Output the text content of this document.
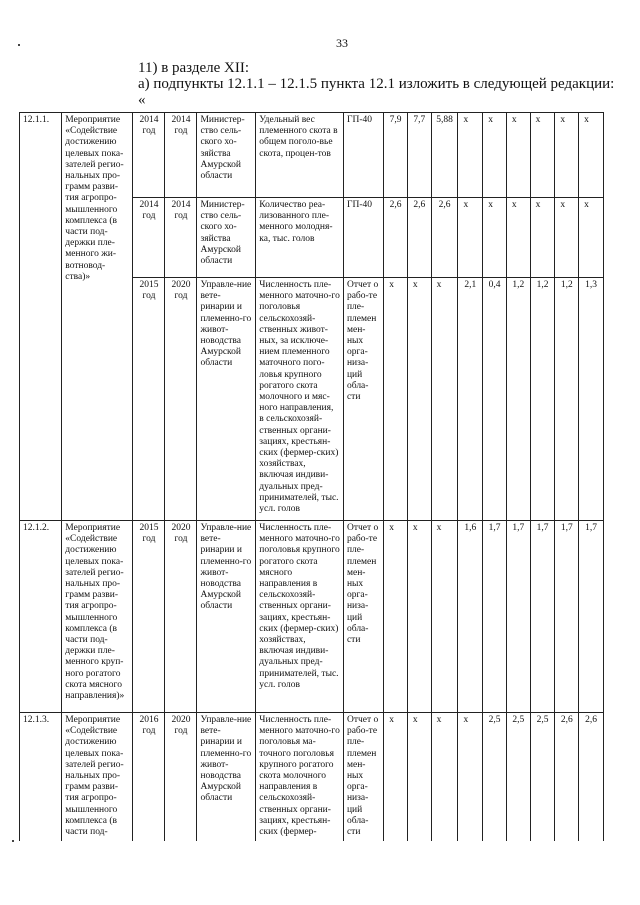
33
11) в разделе XII:
а) подпункты 12.1.1 – 12.1.5 пункта 12.1 изложить в следующей редакции:
«
12.1.1.	Мероприятие «Содействие достижению целевых пока-зателей регио-нальных про-грамм разви-тия агропро-мышленного комплекса (в части под-держки пле-менного жи-вотновод-ства)»	2014 год	2014 год	Министер-ство сель-ского хо-зяйства Амурской области	Удельный вес племенного скота в общем поголо-вье скота, процен-тов	ГП-40	7,9	7,7	5,88	х	х	х	х	х	х
		2014 год	2014 год	Министер-ство сель-ского хо-зяйства Амурской области	Количество реа-лизованного пле-менного молодня-ка, тыс. голов	ГП-40	2,6	2,6	2,6	х	х	х	х	х	х
		2015 год	2020 год	Управле-ние вете-ринарии и племенно-го живот-новодства Амурской области	Численность пле-менного маточно-го поголовья сельскохозяй-ственных живот-ных, за исключе-нием племенного маточного пого-ловья крупного рогатого скота молочного и мяс-ного направления, в сельскохозяй-ственных органи-зациях, крестьян-ских (фермер-ских) хозяйствах, включая индиви-дуальных пред-принимателей, тыс. усл. голов	Отчет о рабо-те пле-племен мен-ных орга-низа-ций обла-сти	х	х	х	2,1	0,4	1,2	1,2	1,2	1,3
12.1.2.	Мероприятие «Содействие достижению целевых пока-зателей регио-нальных про-грамм разви-тия агропро-мышленного комплекса (в части под-держки пле-менного круп-ного рогатого скота мясного направления)»	2015 год	2020 год	Управле-ние вете-ринарии и племенно-го живот-новодства Амурской области	Численность пле-менного маточно-го поголовья крупного рогатого скота мясного направления в сельскохозяй-ственных органи-зациях, крестьян-ских (фермер-ских) хозяйствах, включая индиви-дуальных пред-принимателей, тыс. усл. голов	Отчет о рабо-те пле-племен мен-ных орга-низа-ций обла-сти	х	х	х	1,6	1,7	1,7	1,7	1,7	1,7
12.1.3.	Мероприятие «Содействие достижению целевых пока-зателей регио-нальных про-грамм разви-тия агропро-мышленного комплекса (в части под-	2016 год	2020 год	Управле-ние вете-ринарии и племенно-го живот-новодства Амурской области	Численность пле-менного маточно-го поголовья ма-точного поголовья крупного рогатого скота молочного направления в сельскохозяй-ственных органи-зациях, крестьян-ских (фермер-	Отчет о рабо-те пле-племен мен-ных орга-низа-ций обла-сти	х	х	х	х	2,5	2,5	2,5	2,6	2,6
